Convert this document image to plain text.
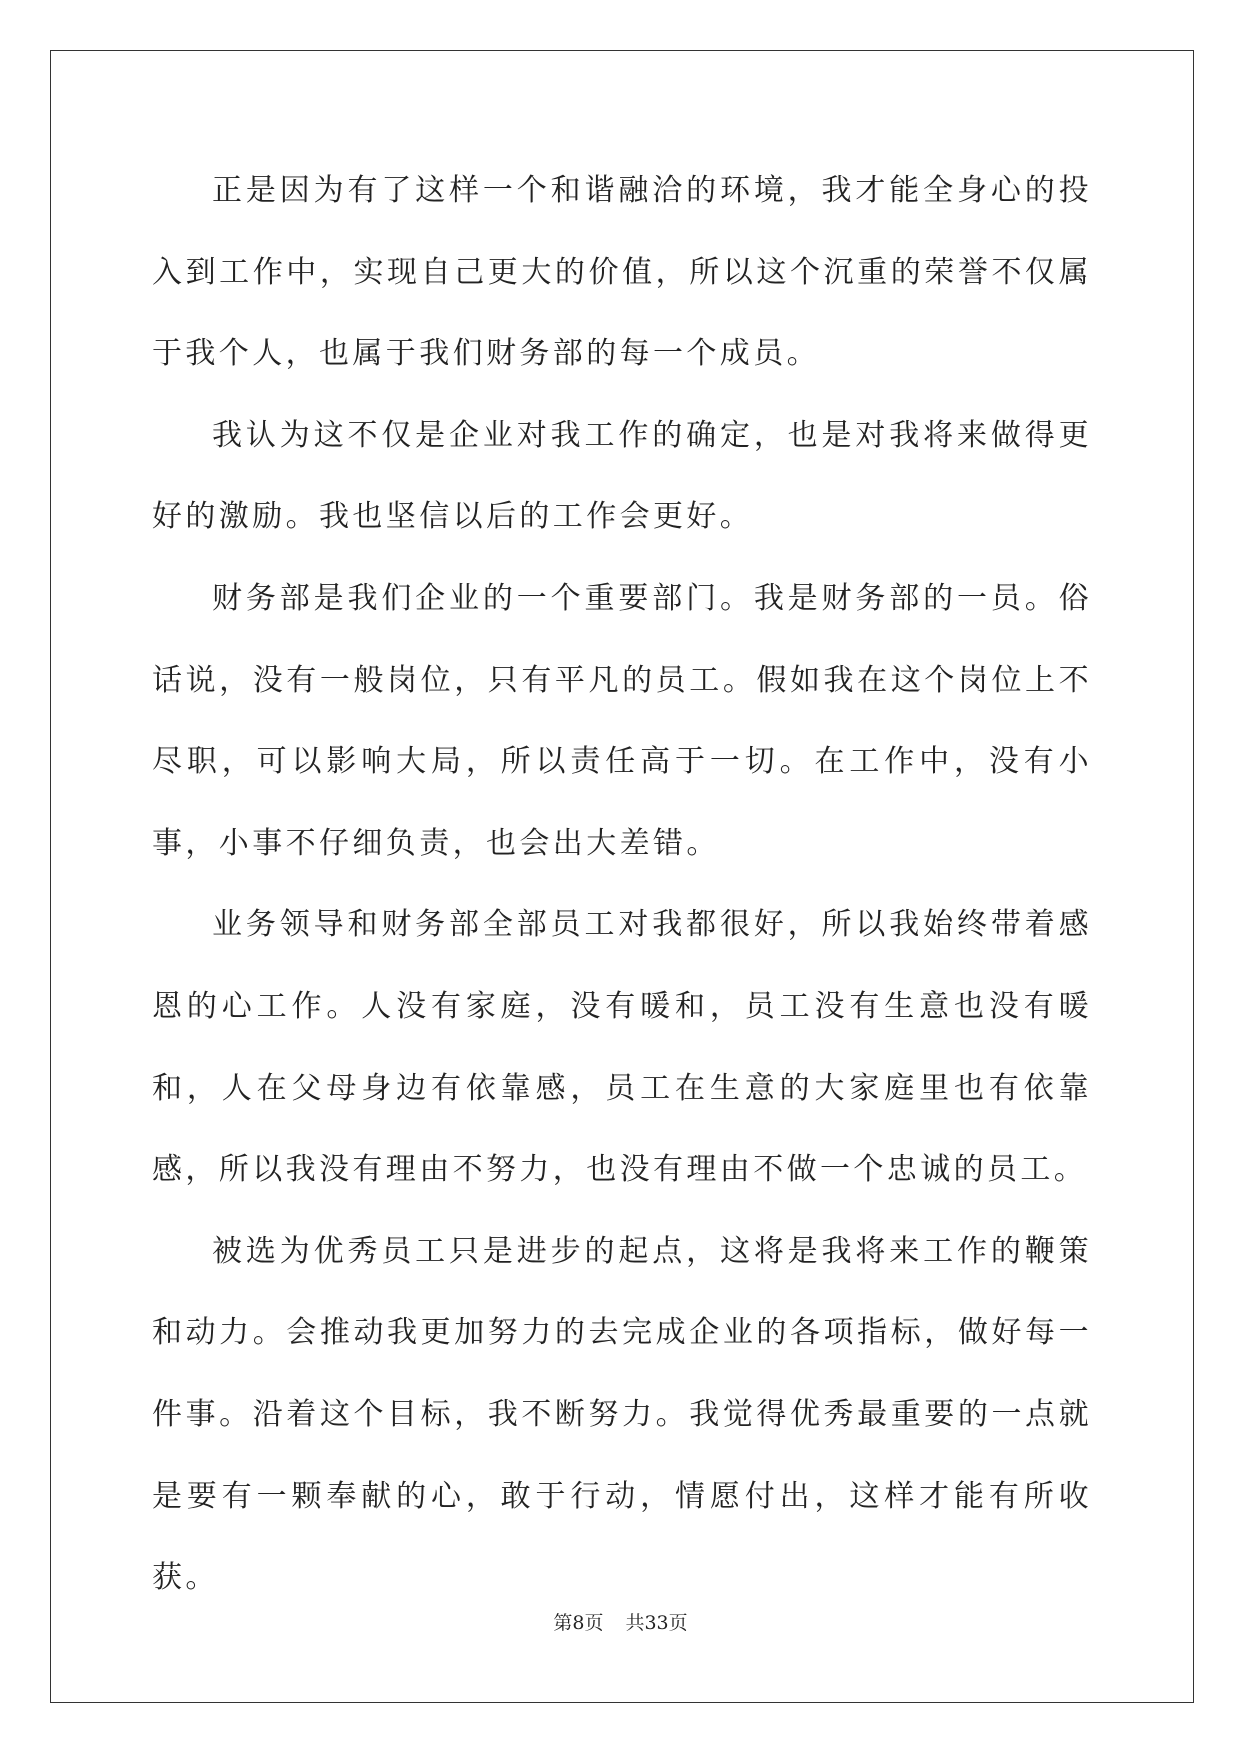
正是因为有了这样一个和谐融洽的环境，我才能全身心的投入到工作中，实现自己更大的价值，所以这个沉重的荣誉不仅属于我个人，也属于我们财务部的每一个成员。

我认为这不仅是企业对我工作的确定，也是对我将来做得更好的激励。我也坚信以后的工作会更好。

财务部是我们企业的一个重要部门。我是财务部的一员。俗话说，没有一般岗位，只有平凡的员工。假如我在这个岗位上不尽职，可以影响大局，所以责任高于一切。在工作中，没有小事，小事不仔细负责，也会出大差错。

业务领导和财务部全部员工对我都很好，所以我始终带着感恩的心工作。人没有家庭，没有暖和，员工没有生意也没有暖和，人在父母身边有依靠感，员工在生意的大家庭里也有依靠感，所以我没有理由不努力，也没有理由不做一个忠诚的员工。

被选为优秀员工只是进步的起点，这将是我将来工作的鞭策和动力。会推动我更加努力的去完成企业的各项指标，做好每一件事。沿着这个目标，我不断努力。我觉得优秀最重要的一点就是要有一颗奉献的心，敢于行动，情愿付出，这样才能有所收获。

第8页 共33页
